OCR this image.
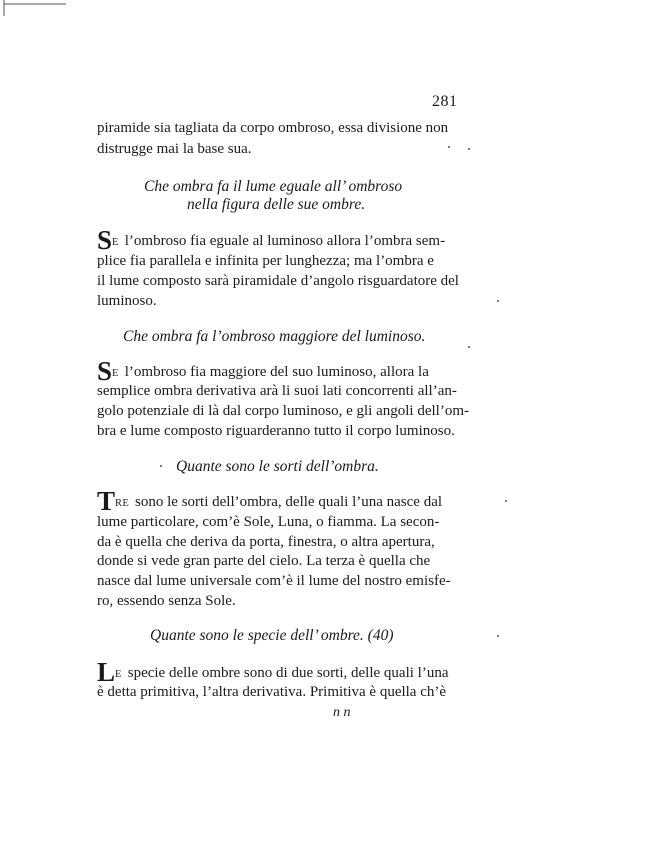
281
piramide sia tagliata da corpo ombroso, essa divisione non
distrugge mai la base sua.
Che ombra fa il lume eguale all’ ombroso
nella figura delle sue ombre.
SE l’ombroso fia eguale al luminoso allora l’ombra sem-
plice fia parallela e infinita per lunghezza; ma l’ombra e
il lume composto sarà piramidale d’angolo risguardatore del
luminoso.
Che ombra fa l’ombroso maggiore del luminoso.
SE l’ombroso fia maggiore del suo luminoso, allora la
semplice ombra derivativa arà li suoi lati concorrenti all’an-
golo potenziale di là dal corpo luminoso, e gli angoli dell’om-
bra e lume composto riguarderanno tutto il corpo luminoso.
Quante sono le sorti dell’ombra.
TRE sono le sorti dell’ombra, delle quali l’una nasce dal
lume particolare, com’è Sole, Luna, o fiamma. La secon-
da è quella che deriva da porta, finestra, o altra apertura,
donde si vede gran parte del cielo. La terza è quella che
nasce dal lume universale com’è il lume del nostro emisfe-
ro, essendo senza Sole.
Quante sono le specie dell’ ombre. (40)
LE specie delle ombre sono di due sorti, delle quali l’una
è detta primitiva, l’altra derivativa. Primitiva è quella ch’è
n n
